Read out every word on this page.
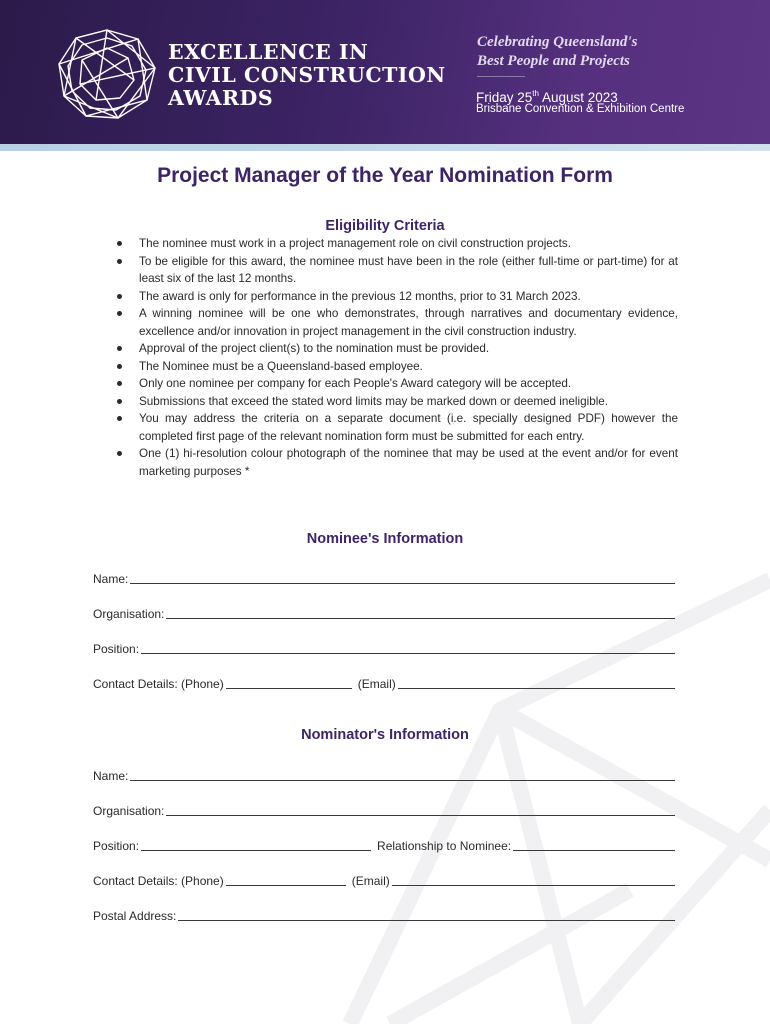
EXCELLENCE IN
CIVIL CONSTRUCTION
AWARDS
Celebrating Queensland's
Best People and Projects
Friday 25th August 2023
Brisbane Convention & Exhibition Centre
Project Manager of the Year Nomination Form
Eligibility Criteria
The nominee must work in a project management role on civil construction projects.
To be eligible for this award, the nominee must have been in the role (either full-time or part-time) for at least six of the last 12 months.
The award is only for performance in the previous 12 months, prior to 31 March 2023.
A winning nominee will be one who demonstrates, through narratives and documentary evidence, excellence and/or innovation in project management in the civil construction industry.
Approval of the project client(s) to the nomination must be provided.
The Nominee must be a Queensland-based employee.
Only one nominee per company for each People's Award category will be accepted.
Submissions that exceed the stated word limits may be marked down or deemed ineligible.
You may address the criteria on a separate document (i.e. specially designed PDF) however the completed first page of the relevant nomination form must be submitted for each entry.
One (1) hi-resolution colour photograph of the nominee that may be used at the event and/or for event marketing purposes *
Nominee's Information
Name:
Organisation:
Position:
Contact Details: (Phone)	(Email)
Nominator's Information
Name:
Organisation:
Position:	Relationship to Nominee:
Contact Details: (Phone)	(Email)
Postal Address:
